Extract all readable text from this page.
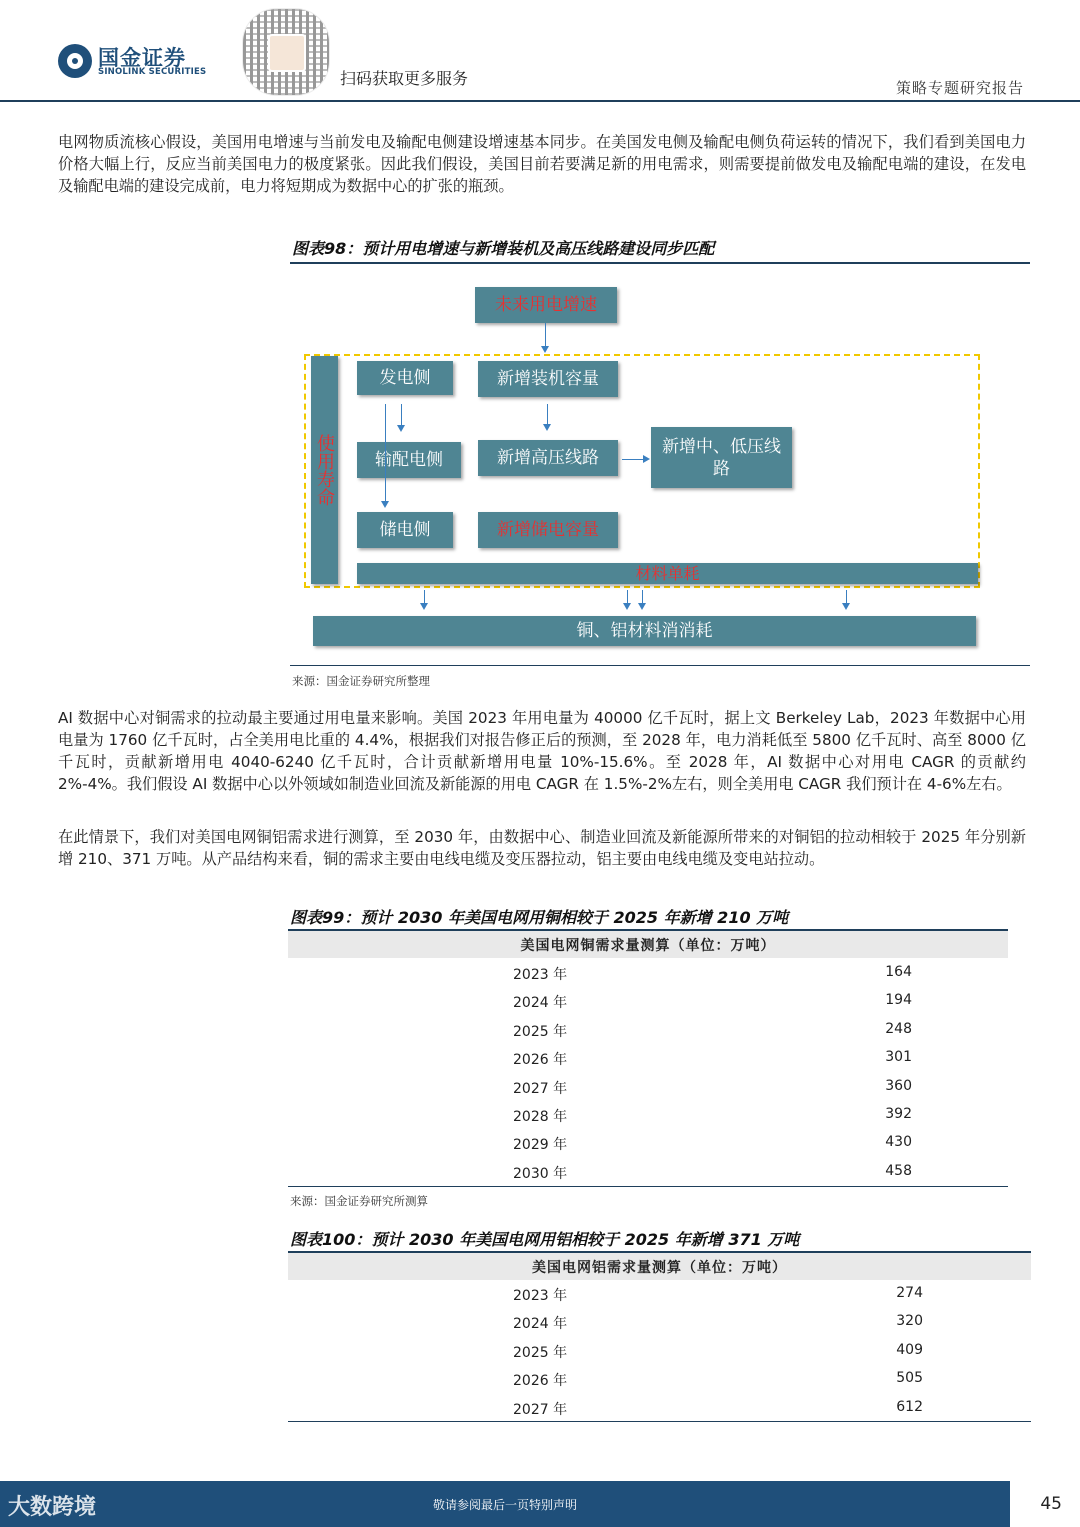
国金证券
SINOLINK SECURITIES	扫码获取更多服务	策略专题研究报告

电网物质流核心假设，美国用电增速与当前发电及输配电侧建设增速基本同步。在美国发电侧及输配电侧负荷运转的情况下，我们看到美国电力价格大幅上行，反应当前美国电力的极度紧张。因此我们假设，美国目前若要满足新的用电需求，则需要提前做发电及输配电端的建设，在发电及输配电端的建设完成前，电力将短期成为数据中心的扩张的瓶颈。

图表98：预计用电增速与新增装机及高压线路建设同步匹配
未来用电增速
使用寿命
发电侧
输配电侧
储电侧
新增装机容量
新增高压线路
新增中、低压线路
新增储电容量
材料单耗
铜、铝材料消消耗
来源：国金证券研究所整理

AI 数据中心对铜需求的拉动最主要通过用电量来影响。美国 2023 年用电量为 40000 亿千瓦时，据上文 Berkeley Lab，2023 年数据中心用电量为 1760 亿千瓦时，占全美用电比重的 4.4%，根据我们对报告修正后的预测，至 2028 年，电力消耗低至 5800 亿千瓦时、高至 8000 亿千瓦时，贡献新增用电 4040-6240 亿千瓦时，合计贡献新增用电量 10%-15.6%。至 2028 年，AI 数据中心对用电 CAGR 的贡献约 2%-4%。我们假设 AI 数据中心以外领域如制造业回流及新能源的用电 CAGR 在 1.5%-2%左右，则全美用电 CAGR 我们预计在 4-6%左右。

在此情景下，我们对美国电网铜铝需求进行测算，至 2030 年，由数据中心、制造业回流及新能源所带来的对铜铝的拉动相较于 2025 年分别新增 210、371 万吨。从产品结构来看，铜的需求主要由电线电缆及变压器拉动，铝主要由电线电缆及变电站拉动。

图表99：预计 2030 年美国电网用铜相较于 2025 年新增 210 万吨
美国电网铜需求量测算（单位：万吨）
2023 年	164
2024 年	194
2025 年	248
2026 年	301
2027 年	360
2028 年	392
2029 年	430
2030 年	458
来源：国金证券研究所测算
图表100：预计 2030 年美国电网用铝相较于 2025 年新增 371 万吨
美国电网铝需求量测算（单位：万吨）
2023 年	274
2024 年	320
2025 年	409
2026 年	505
2027 年	612
大数跨境	敬请参阅最后一页特别声明	45
